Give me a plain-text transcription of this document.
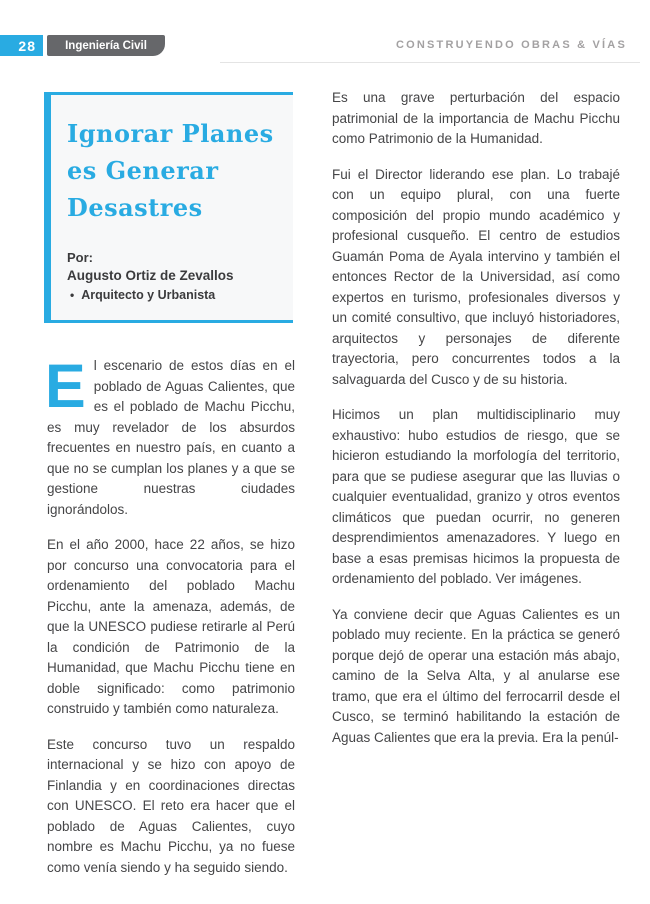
28	Ingeniería Civil	CONSTRUYENDO OBRAS & VÍAS
Ignorar Planes es Generar Desastres
Por:
Augusto Ortiz de Zevallos
• Arquitecto y Urbanista

El escenario de estos días en el poblado de Aguas Calientes, que es el poblado de Machu Picchu, es muy revelador de los absurdos frecuentes en nuestro país, en cuanto a que no se cumplan los planes y a que se gestione nuestras ciudades ignorándolos.

En el año 2000, hace 22 años, se hizo por concurso una convocatoria para el ordenamiento del poblado Machu Picchu, ante la amenaza, además, de que la UNESCO pudiese retirarle al Perú la condición de Patrimonio de la Humanidad, que Machu Picchu tiene en doble significado: como patrimonio construido y también como naturaleza.

Este concurso tuvo un respaldo internacional y se hizo con apoyo de Finlandia y en coordinaciones directas con UNESCO. El reto era hacer que el poblado de Aguas Calientes, cuyo nombre es Machu Picchu, ya no fuese como venía siendo y ha seguido siendo.

Es una grave perturbación del espacio patrimonial de la importancia de Machu Picchu como Patrimonio de la Humanidad.

Fui el Director liderando ese plan. Lo trabajé con un equipo plural, con una fuerte composición del propio mundo académico y profesional cusqueño. El centro de estudios Guamán Poma de Ayala intervino y también el entonces Rector de la Universidad, así como expertos en turismo, profesionales diversos y un comité consultivo, que incluyó historiadores, arquitectos y personajes de diferente trayectoria, pero concurrentes todos a la salvaguarda del Cusco y de su historia.

Hicimos un plan multidisciplinario muy exhaustivo: hubo estudios de riesgo, que se hicieron estudiando la morfología del territorio, para que se pudiese asegurar que las lluvias o cualquier eventualidad, granizo y otros eventos climáticos que puedan ocurrir, no generen desprendimientos amenazadores. Y luego en base a esas premisas hicimos la propuesta de ordenamiento del poblado. Ver imágenes.

Ya conviene decir que Aguas Calientes es un poblado muy reciente. En la práctica se generó porque dejó de operar una estación más abajo, camino de la Selva Alta, y al anularse ese tramo, que era el último del ferrocarril desde el Cusco, se terminó habilitando la estación de Aguas Calientes que era la previa. Era la penúl-
